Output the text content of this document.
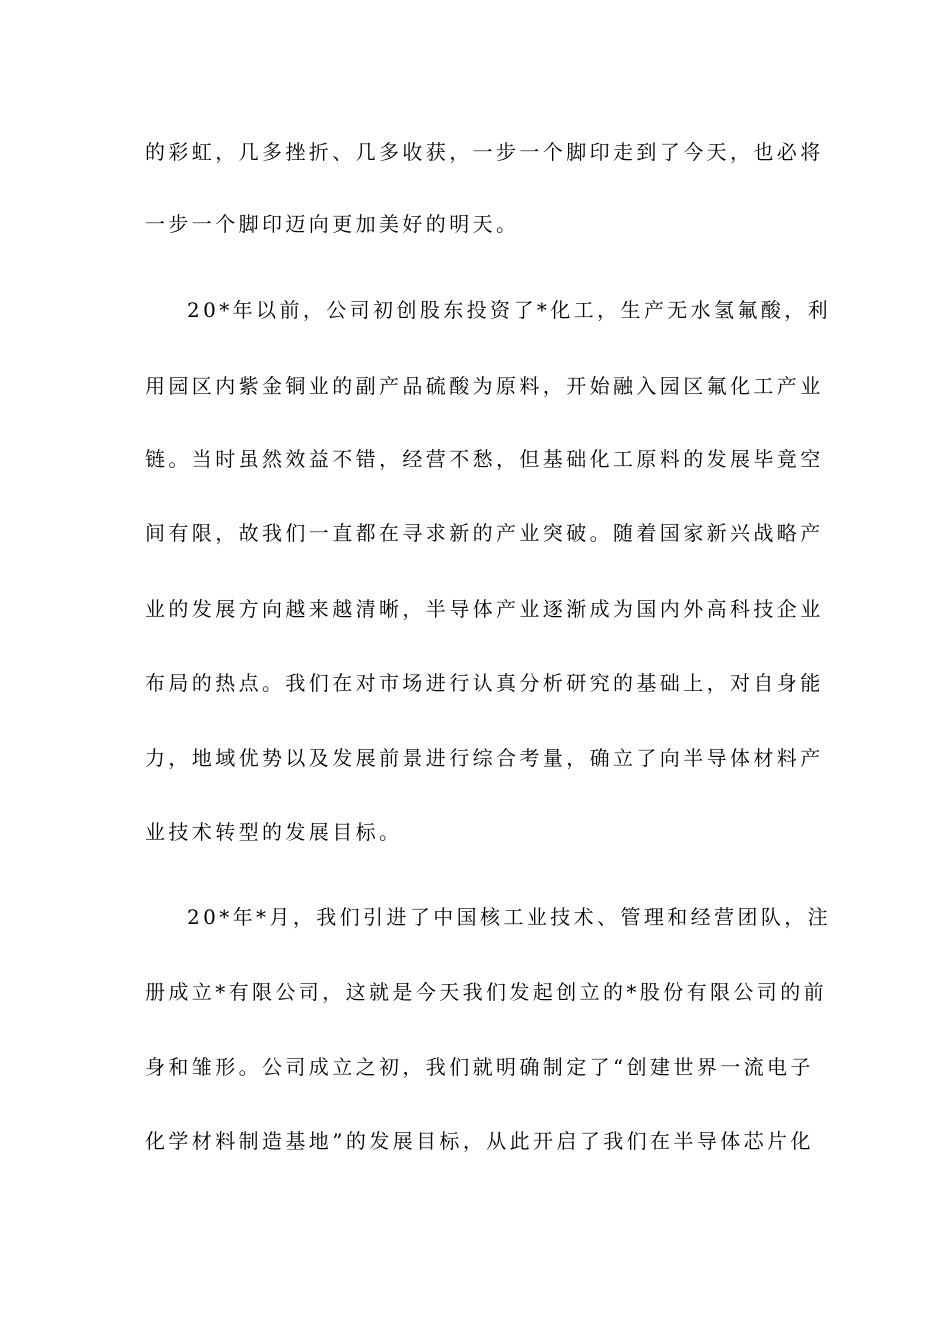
的彩虹，几多挫折、几多收获，一步一个脚印走到了今天，也必将
一步一个脚印迈向更加美好的明天。
20*年以前，公司初创股东投资了*化工，生产无水氢氟酸，利
用园区内紫金铜业的副产品硫酸为原料，开始融入园区氟化工产业
链。当时虽然效益不错，经营不愁，但基础化工原料的发展毕竟空
间有限，故我们一直都在寻求新的产业突破。随着国家新兴战略产
业的发展方向越来越清晰，半导体产业逐渐成为国内外高科技企业
布局的热点。我们在对市场进行认真分析研究的基础上，对自身能
力，地域优势以及发展前景进行综合考量，确立了向半导体材料产
业技术转型的发展目标。
20*年*月，我们引进了中国核工业技术、管理和经营团队，注
册成立*有限公司，这就是今天我们发起创立的*股份有限公司的前
身和雏形。公司成立之初，我们就明确制定了“创建世界一流电子
化学材料制造基地”的发展目标，从此开启了我们在半导体芯片化
